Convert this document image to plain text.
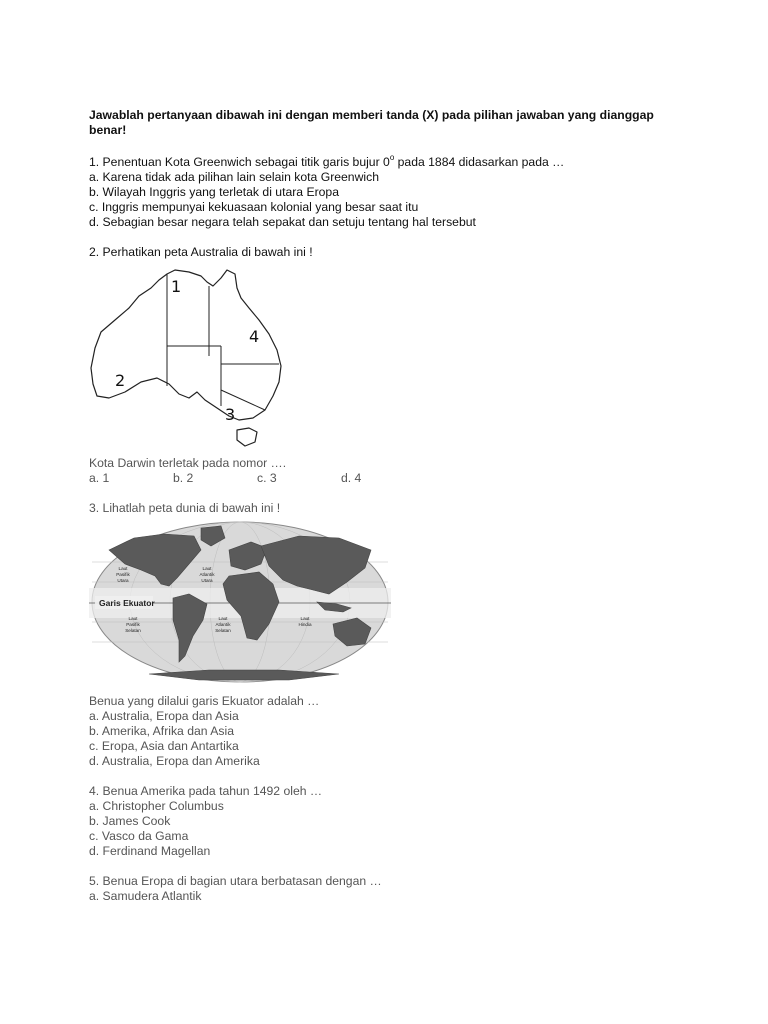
Jawablah pertanyaan dibawah ini dengan memberi tanda (X) pada pilihan jawaban yang dianggap benar!

1. Penentuan Kota Greenwich sebagai titik garis bujur 0$^o$ pada 1884 didasarkan pada …

a. Karena tidak ada pilihan lain selain kota Greenwich

b. Wilayah Inggris yang terletak di utara Eropa

c. Inggris mempunyai kekuasaan kolonial yang besar saat itu

d. Sebagian besar negara telah sepakat dan setuju tentang hal tersebut

2. Perhatikan peta Australia di bawah ini !

1
2
3
4

Kota Darwin terletak pada nomor ….

a. 1	b. 2	c. 3	d. 4

3. Lihatlah peta dunia di bawah ini !

Garis Ekuator
Laut
Pasifik
Utara
Laut
Atlantik
Utara
Laut
Pasifik
Selatan
Laut
Atlantik
Selatan
Laut
Hindia

Benua yang dilalui garis Ekuator adalah …

a. Australia, Eropa dan Asia

b. Amerika, Afrika dan Asia

c. Eropa, Asia dan Antartika

d. Australia, Eropa dan Amerika

4. Benua Amerika pada tahun 1492 oleh …

a. Christopher Columbus

b. James Cook

c. Vasco da Gama

d. Ferdinand Magellan

5. Benua Eropa di bagian utara berbatasan dengan …

a. Samudera Atlantik
